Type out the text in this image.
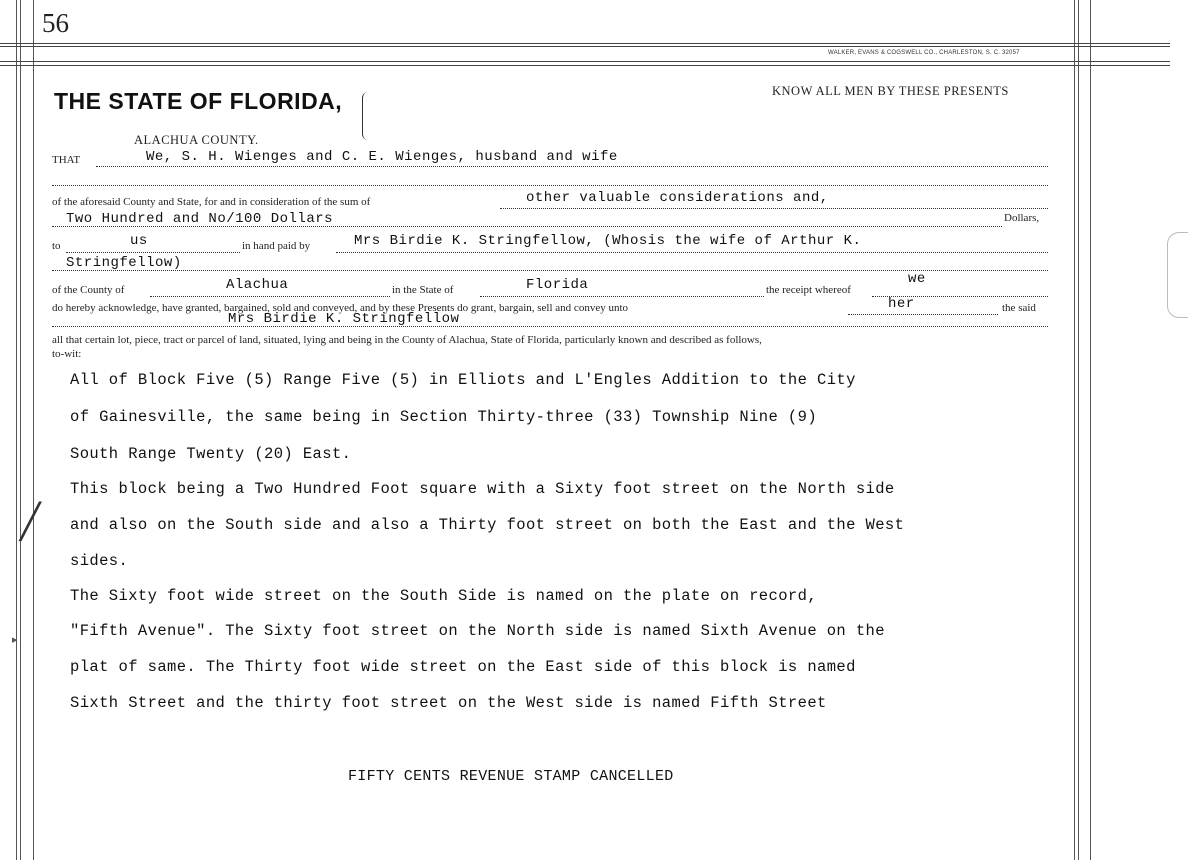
╱
▸
56
WALKER, EVANS & COGSWELL CO., CHARLESTON, S. C. 32057
THE STATE OF FLORIDA,
ALACHUA COUNTY.
KNOW ALL MEN BY THESE PRESENTS
THAT	We, S. H. Wienges and C. E. Wienges, husband and wife
of the aforesaid County and State, for and in consideration of the sum of	other valuable considerations and,
Two Hundred and No/100 Dollars	Dollars,
to	us	in hand paid by	Mrs Birdie K. Stringfellow, (Whosis the wife of Arthur K.
Stringfellow)
of the County of	Alachua	in the State of	Florida	the receipt whereof
we
do hereby acknowledge, have granted, bargained, sold and conveyed, and by these Presents do grant, bargain, sell and convey unto	her	the said
Mrs Birdie K. Stringfellow
all that certain lot, piece, tract or parcel of land, situated, lying and being in the County of Alachua, State of Florida, particularly known and described as follows,
to-wit:
All of Block Five (5) Range Five (5) in Elliots and L'Engles Addition to the City
of Gainesville, the same being in Section Thirty-three (33) Township Nine (9)
South Range Twenty (20) East.
This block being a Two Hundred Foot square with a Sixty foot street on the North side
and also on the South side and also a Thirty foot street on both the East and the West
sides.
The Sixty foot wide street on the South Side is named on the plate on record,
"Fifth Avenue". The Sixty foot street on the North side is named Sixth Avenue on the
plat of same. The Thirty foot wide street on the East side of this block is named
Sixth Street and the thirty foot street on the West side is named Fifth Street
FIFTY CENTS REVENUE STAMP CANCELLED
